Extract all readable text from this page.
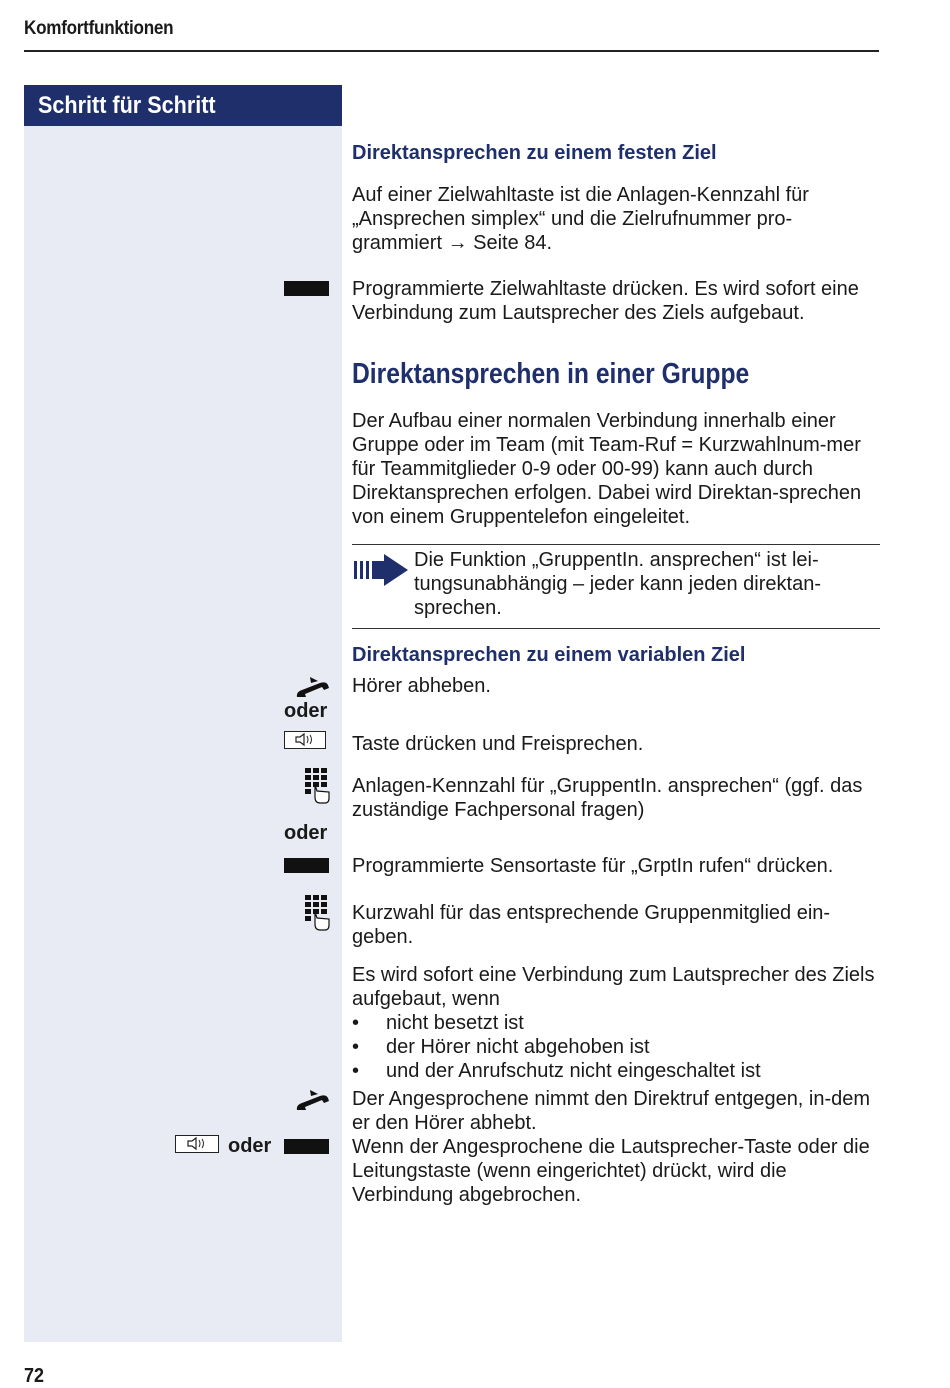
Komfortfunktionen
Schritt für Schritt
Direktansprechen zu einem festen Ziel
Auf einer Zielwahltaste ist die Anlagen-Kennzahl für „Ansprechen simplex“ und die Zielrufnummer pro-grammiert → Seite 84.
Programmierte Zielwahltaste drücken. Es wird sofort eine Verbindung zum Lautsprecher des Ziels aufgebaut.
Direktansprechen in einer Gruppe
Der Aufbau einer normalen Verbindung innerhalb einer Gruppe oder im Team (mit Team-Ruf = Kurzwahlnum-mer für Teammitglieder 0-9 oder 00-99) kann auch durch Direktansprechen erfolgen. Dabei wird Direktan-sprechen von einem Gruppentelefon eingeleitet.
Die Funktion „GruppentIn. ansprechen“ ist lei-tungsunabhängig – jeder kann jeden direktan-sprechen.
Direktansprechen zu einem variablen Ziel
Hörer abheben.
oder
Taste drücken und Freisprechen.
Anlagen-Kennzahl für „GruppentIn. ansprechen“ (ggf. das zuständige Fachpersonal fragen)
oder
Programmierte Sensortaste für „GrptIn rufen“ drücken.
Kurzwahl für das entsprechende Gruppenmitglied ein-geben.
Es wird sofort eine Verbindung zum Lautsprecher des Ziels aufgebaut, wenn
• nicht besetzt ist
• der Hörer nicht abgehoben ist
• und der Anrufschutz nicht eingeschaltet ist
Der Angesprochene nimmt den Direktruf entgegen, in-dem er den Hörer abhebt.
oder	Wenn der Angesprochene die Lautsprecher-Taste oder die Leitungstaste (wenn eingerichtet) drückt, wird die Verbindung abgebrochen.
72
